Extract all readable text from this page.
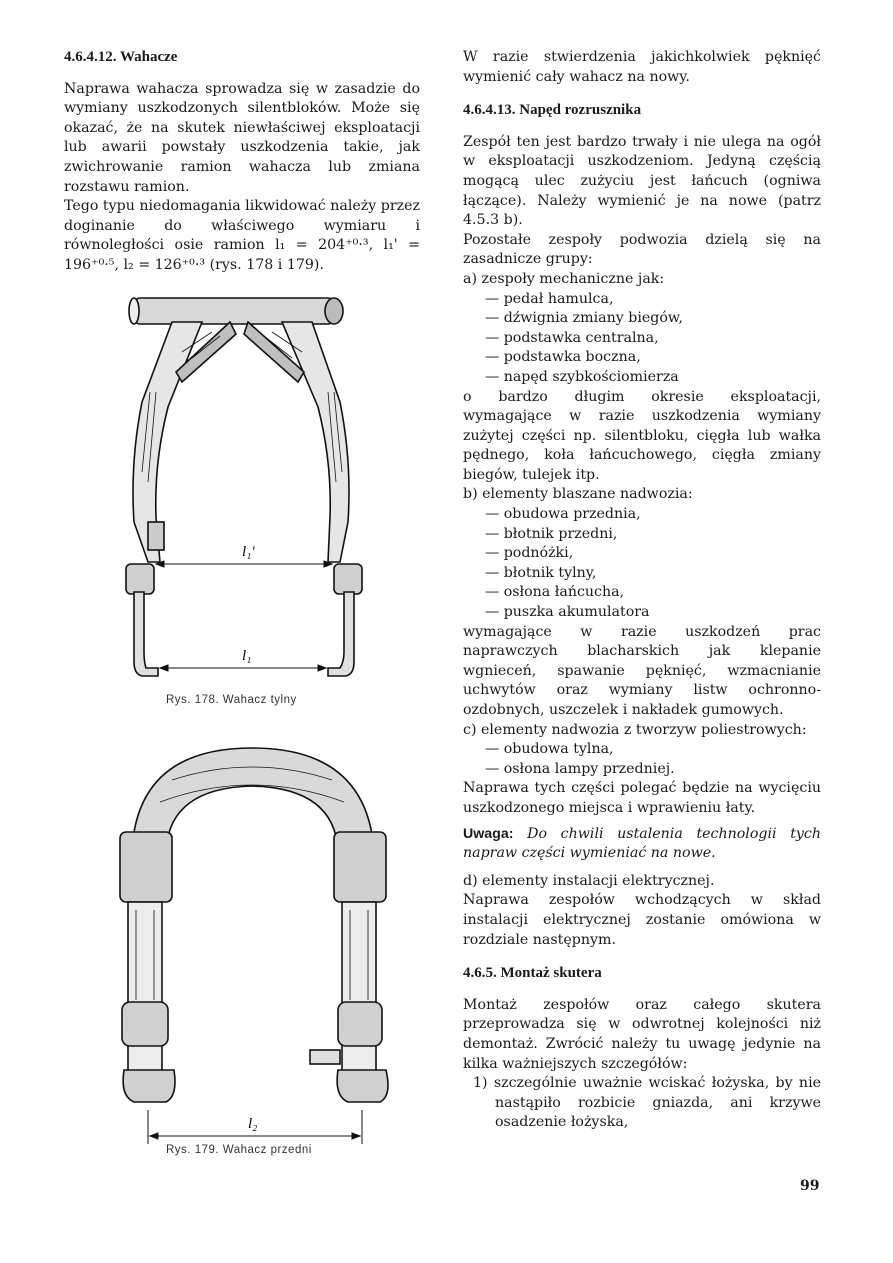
4.6.4.12. Wahacze

Naprawa wahacza sprowadza się w zasadzie do wymiany uszkodzonych silentbloków. Może się okazać, że na skutek niewłaściwej eksploatacji lub awarii powstały uszkodzenia takie, jak zwichrowanie ramion wahacza lub zmiana rozstawu ramion.

Tego typu niedomagania likwidować należy przez doginanie do właściwego wymiaru i równoległości osie ramion l₁ = 204⁺⁰·³, l₁' = 196⁺⁰·⁵, l₂ = 126⁺⁰·³ (rys. 178 i 179).

l₁'
l₁
Rys. 178. Wahacz tylny
l₂
Rys. 179. Wahacz przedni

W razie stwierdzenia jakichkolwiek pęknięć wymienić cały wahacz na nowy.

4.6.4.13. Napęd rozrusznika

Zespół ten jest bardzo trwały i nie ulega na ogół w eksploatacji uszkodzeniom. Jedyną częścią mogącą ulec zużyciu jest łańcuch (ogniwa łączące). Należy wymienić je na nowe (patrz 4.5.3 b).

Pozostałe zespoły podwozia dzielą się na zasadnicze grupy:

a) zespoły mechaniczne jak:

— pedał hamulca,
— dźwignia zmiany biegów,
— podstawka centralna,
— podstawka boczna,
— napęd szybkościomierza

o bardzo długim okresie eksploatacji, wymagające w razie uszkodzenia wymiany zużytej części np. silentbloku, cięgła lub wałka pędnego, koła łańcuchowego, cięgła zmiany biegów, tulejek itp.

b) elementy blaszane nadwozia:

— obudowa przednia,
— błotnik przedni,
— podnóżki,
— błotnik tylny,
— osłona łańcucha,
— puszka akumulatora

wymagające w razie uszkodzeń prac naprawczych blacharskich jak klepanie wgnieceń, spawanie pęknięć, wzmacnianie uchwytów oraz wymiany listw ochronno-ozdobnych, uszczelek i nakładek gumowych.

c) elementy nadwozia z tworzyw poliestrowych:

— obudowa tylna,
— osłona lampy przedniej.

Naprawa tych części polegać będzie na wycięciu uszkodzonego miejsca i wprawieniu łaty.

Uwaga: Do chwili ustalenia technologii tych napraw części wymieniać na nowe.

d) elementy instalacji elektrycznej.

Naprawa zespołów wchodzących w skład instalacji elektrycznej zostanie omówiona w rozdziale następnym.

4.6.5. Montaż skutera

Montaż zespołów oraz całego skutera przeprowadza się w odwrotnej kolejności niż demontaż. Zwrócić należy tu uwagę jedynie na kilka ważniejszych szczegółów:

1) szczególnie uważnie wciskać łożyska, by nie nastąpiło rozbicie gniazda, ani krzywe osadzenie łożyska,

99
